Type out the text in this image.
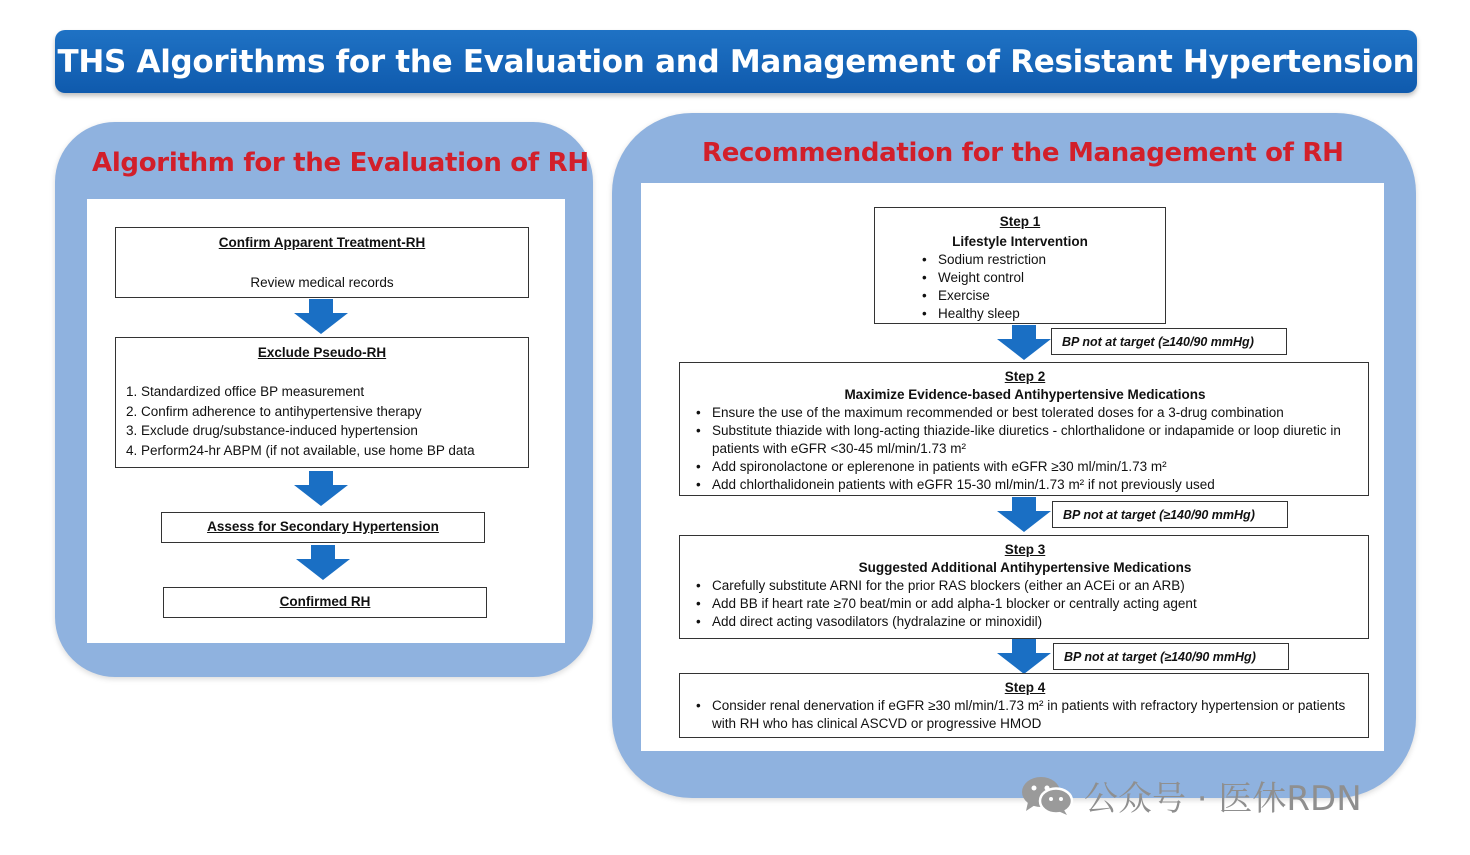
THS Algorithms for the Evaluation and Management of Resistant Hypertension
Algorithm for the Evaluation of RH
Confirm Apparent Treatment-RH
Review medical records
Exclude Pseudo-RH
1. Standardized office BP measurement
2. Confirm adherence to antihypertensive therapy
3. Exclude drug/substance-induced hypertension
4. Perform24-hr ABPM (if not available, use home BP data
Assess for Secondary Hypertension
Confirmed RH
Recommendation for the Management of RH
Step 1
Lifestyle Intervention
• Sodium restriction
• Weight control
• Exercise
• Healthy sleep
BP not at target (≥140/90 mmHg)
Step 2
Maximize Evidence-based Antihypertensive Medications
• Ensure the use of the maximum recommended or best tolerated doses for a 3-drug combination
• Substitute thiazide with long-acting thiazide-like diuretics - chlorthalidone or indapamide or loop diuretic in patients with eGFR <30-45 ml/min/1.73 m²
• Add spironolactone or eplerenone in patients with eGFR ≥30 ml/min/1.73 m²
• Add chlorthalidonein patients with eGFR 15-30 ml/min/1.73 m² if not previously used
BP not at target (≥140/90 mmHg)
Step 3
Suggested Additional Antihypertensive Medications
• Carefully substitute ARNI for the prior RAS blockers (either an ACEi or an ARB)
• Add BB if heart rate ≥70 beat/min or add alpha-1 blocker or centrally acting agent
• Add direct acting vasodilators (hydralazine or minoxidil)
BP not at target (≥140/90 mmHg)
Step 4
• Consider renal denervation if eGFR ≥30 ml/min/1.73 m² in patients with refractory hypertension or patients with RH who has clinical ASCVD or progressive HMOD
公众号 · 医休RDN
